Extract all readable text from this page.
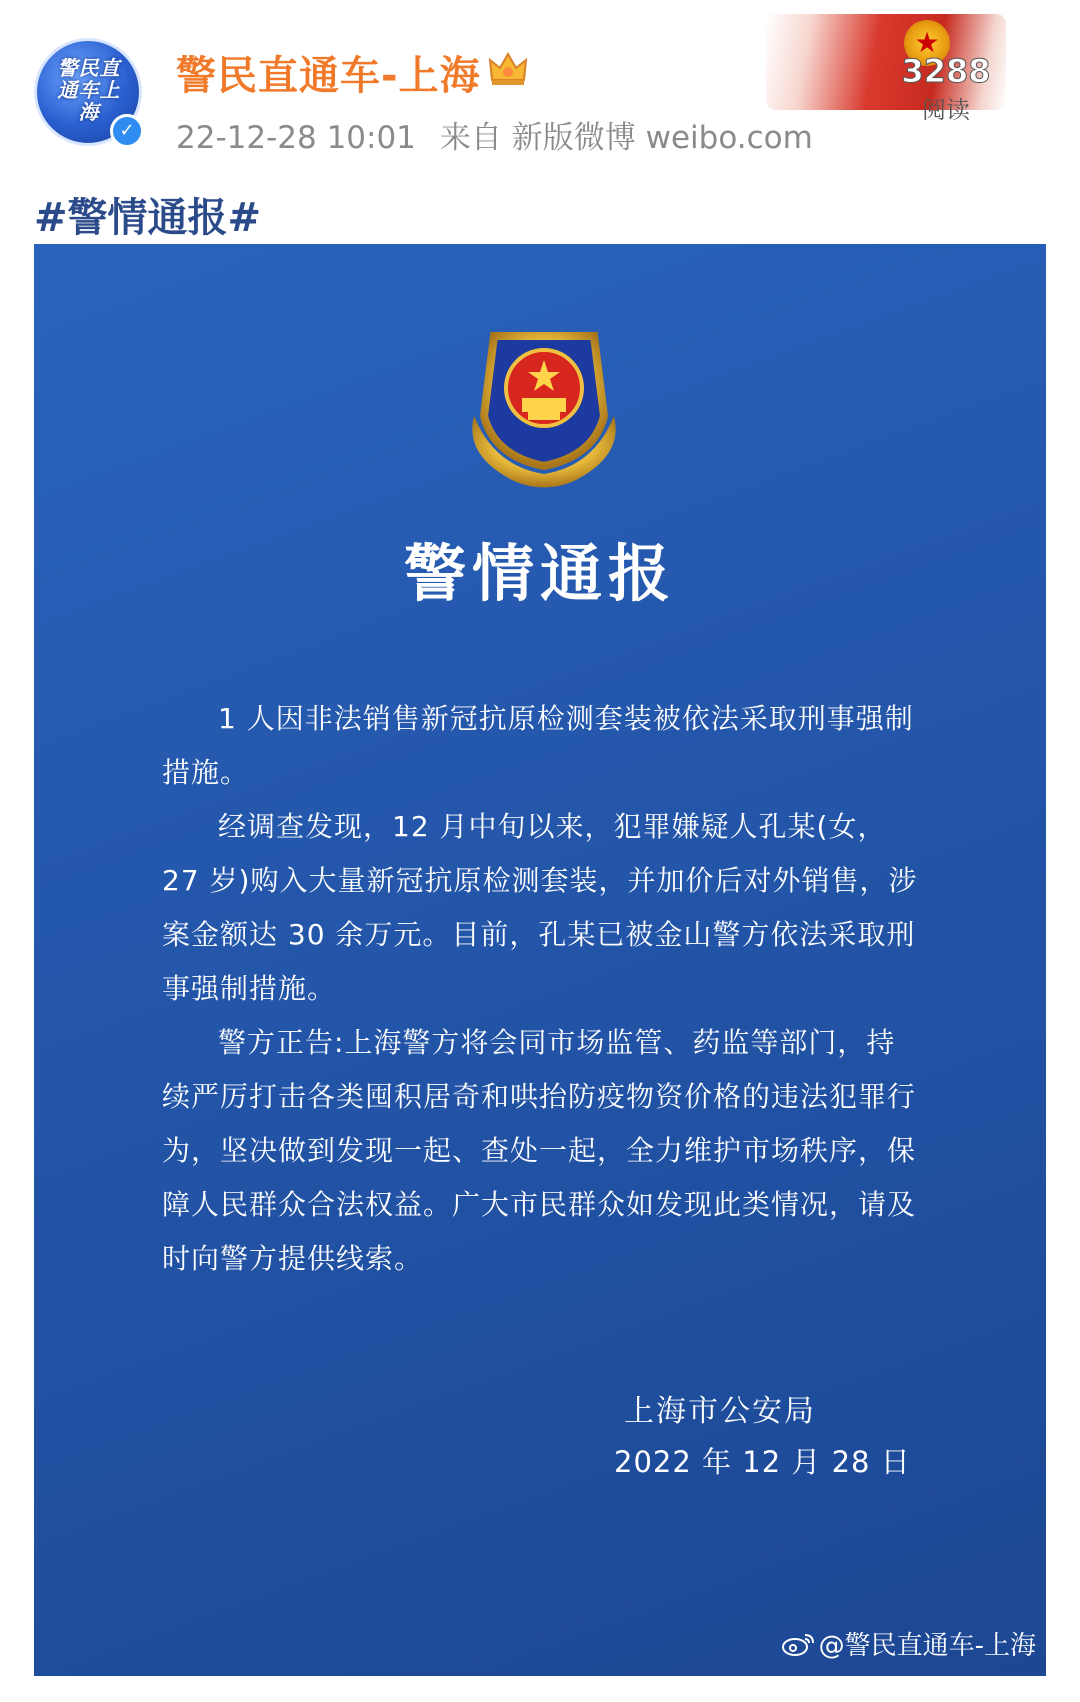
警民直通车上海
✓
警民直通车-上海
22-12-28 10:01 来自 新版微博 weibo.com
★
3288
阅读
#警情通报#
警情通报

1 人因非法销售新冠抗原检测套装被依法采取刑事强制措施。

经调查发现，12 月中旬以来，犯罪嫌疑人孔某(女，27 岁)购入大量新冠抗原检测套装，并加价后对外销售，涉案金额达 30 余万元。目前，孔某已被金山警方依法采取刑事强制措施。

警方正告:上海警方将会同市场监管、药监等部门，持续严厉打击各类囤积居奇和哄抬防疫物资价格的违法犯罪行为，坚决做到发现一起、查处一起，全力维护市场秩序，保障人民群众合法权益。广大市民群众如发现此类情况，请及时向警方提供线索。

上海市公安局
2022 年 12 月 28 日
@警民直通车-上海
